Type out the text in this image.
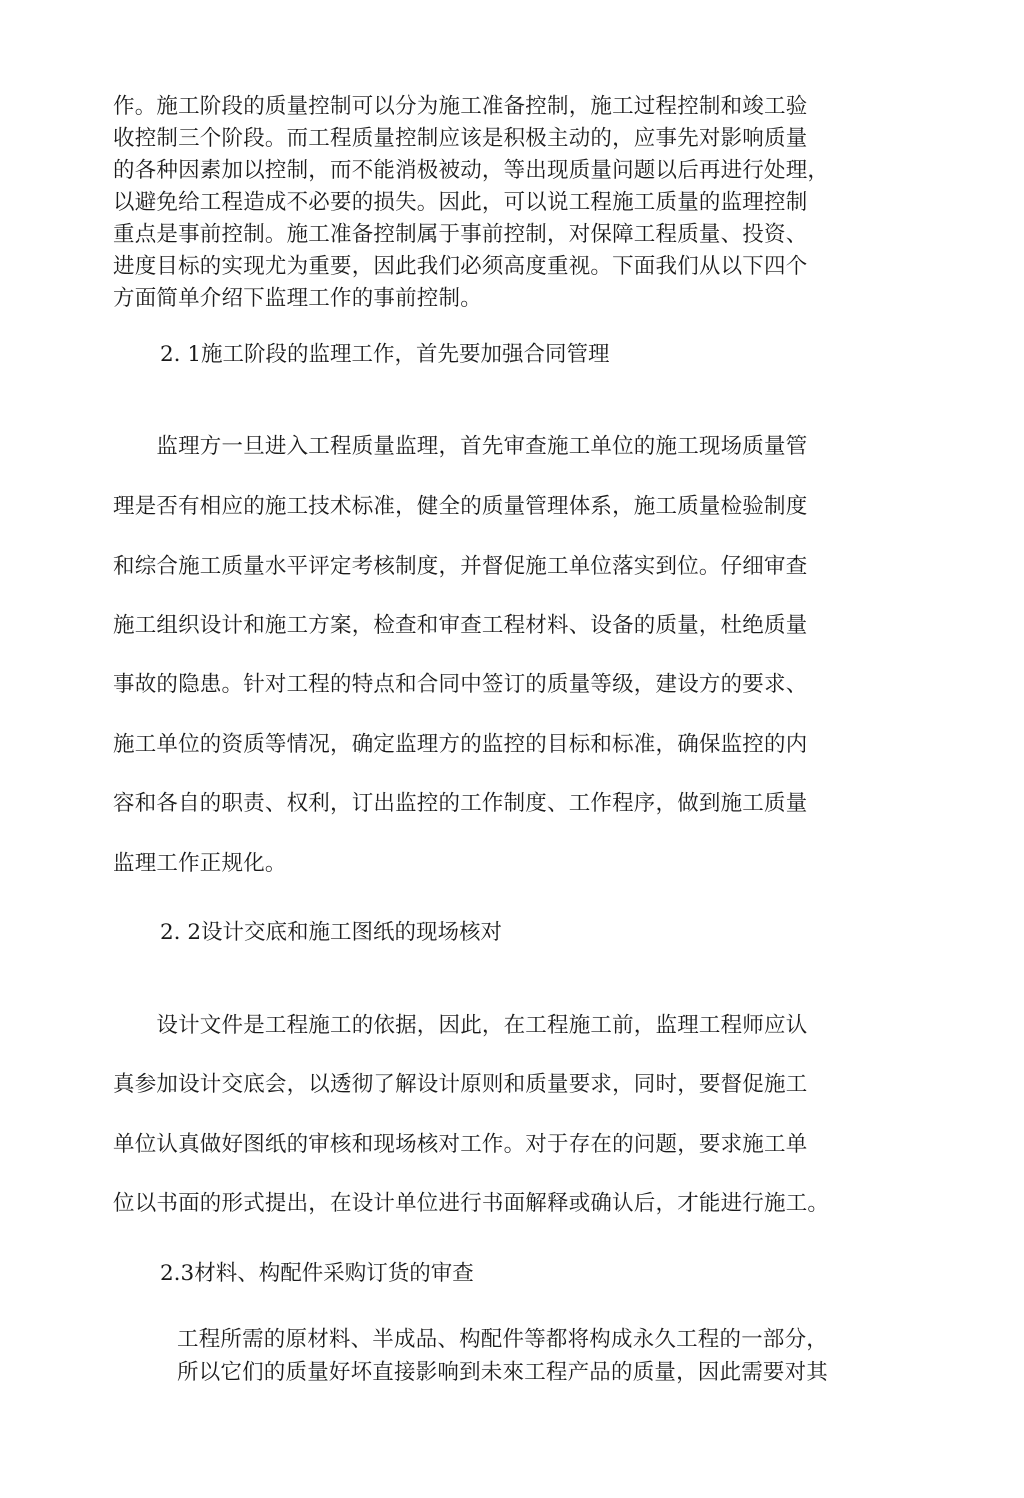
作。施工阶段的质量控制可以分为施工准备控制，施工过程控制和竣工验
收控制三个阶段。而工程质量控制应该是积极主动的，应事先对影响质量
的各种因素加以控制，而不能消极被动，等出现质量问题以后再进行处理，
以避免给工程造成不必要的损失。因此，可以说工程施工质量的监理控制
重点是事前控制。施工准备控制属于事前控制，对保障工程质量、投资、
进度目标的实现尤为重要，因此我们必须高度重视。下面我们从以下四个
方面简单介绍下监理工作的事前控制。
2. 1施工阶段的监理工作，首先要加强合同管理
　　监理方一旦进入工程质量监理，首先审查施工单位的施工现场质量管
理是否有相应的施工技术标准，健全的质量管理体系，施工质量检验制度
和综合施工质量水平评定考核制度，并督促施工单位落实到位。仔细审查
施工组织设计和施工方案，检查和审查工程材料、设备的质量，杜绝质量
事故的隐患。针对工程的特点和合同中签订的质量等级，建设方的要求、
施工单位的资质等情况，确定监理方的监控的目标和标准，确保监控的内
容和各自的职责、权利，订出监控的工作制度、工作程序，做到施工质量
监理工作正规化。
2. 2设计交底和施工图纸的现场核对
　　设计文件是工程施工的依据，因此，在工程施工前，监理工程师应认
真参加设计交底会，以透彻了解设计原则和质量要求，同时，要督促施工
单位认真做好图纸的审核和现场核对工作。对于存在的问题，要求施工单
位以书面的形式提出，在设计单位进行书面解释或确认后，才能进行施工。
2.3材料、构配件采购订货的审查
工程所需的原材料、半成品、构配件等都将构成永久工程的一部分，
所以它们的质量好坏直接影响到未來工程产品的质量，因此需要对其
